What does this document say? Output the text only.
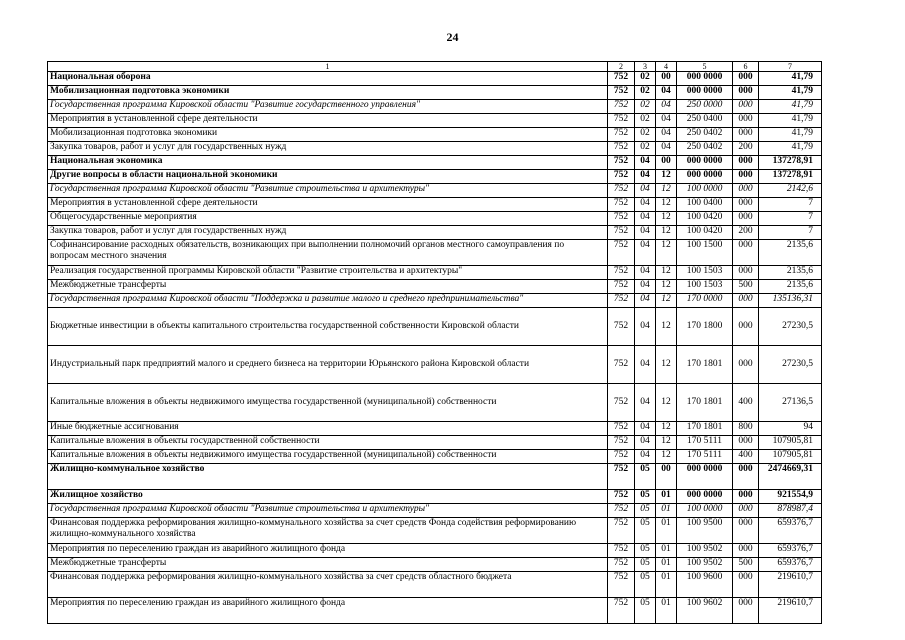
24
1	2	3	4	5	6	7
Национальная оборона	752	02	00	000 0000	000	41,79
Мобилизационная подготовка экономики	752	02	04	000 0000	000	41,79
Государственная программа Кировской области "Развитие государственного управления"	752	02	04	250 0000	000	41,79
Мероприятия в установленной сфере деятельности	752	02	04	250 0400	000	41,79
Мобилизационная подготовка экономики	752	02	04	250 0402	000	41,79
Закупка товаров, работ и услуг для государственных нужд	752	02	04	250 0402	200	41,79
Национальная экономика	752	04	00	000 0000	000	137278,91
Другие вопросы в области национальной экономики	752	04	12	000 0000	000	137278,91
Государственная программа Кировской области "Развитие строительства и архитектуры"	752	04	12	100 0000	000	2142,6
Мероприятия в установленной сфере деятельности	752	04	12	100 0400	000	7
Общегосударственные мероприятия	752	04	12	100 0420	000	7
Закупка товаров, работ и услуг для государственных нужд	752	04	12	100 0420	200	7
Софинансирование расходных обязательств, возникающих при выполнении полномочий органов местного самоуправления по вопросам местного значения	752	04	12	100 1500	000	2135,6
Реализация государственной программы Кировской области "Развитие строительства и архитектуры"	752	04	12	100 1503	000	2135,6
Межбюджетные трансферты	752	04	12	100 1503	500	2135,6
Государственная программа Кировской области "Поддержка и развитие малого и среднего предпринимательства"	752	04	12	170 0000	000	135136,31
Бюджетные инвестиции в объекты капитального строительства государственной собственности Кировской области	752	04	12	170 1800	000	27230,5
Индустриальный парк предприятий малого и среднего бизнеса на территории Юрьянского района Кировской области	752	04	12	170 1801	000	27230,5
Капитальные вложения в объекты недвижимого имущества государственной (муниципальной) собственности	752	04	12	170 1801	400	27136,5
Иные бюджетные ассигнования	752	04	12	170 1801	800	94
Капитальные вложения в объекты государственной собственности	752	04	12	170 5111	000	107905,81
Капитальные вложения в объекты недвижимого имущества государственной (муниципальной) собственности	752	04	12	170 5111	400	107905,81
Жилищно-коммунальное хозяйство	752	05	00	000 0000	000	2474669,31
Жилищное хозяйство	752	05	01	000 0000	000	921554,9
Государственная программа Кировской области "Развитие строительства и архитектуры"	752	05	01	100 0000	000	878987,4
Финансовая поддержка реформирования жилищно-коммунального хозяйства за счет средств Фонда содействия реформированию жилищно-коммунального хозяйства	752	05	01	100 9500	000	659376,7
Мероприятия по переселению граждан из аварийного жилищного фонда	752	05	01	100 9502	000	659376,7
Межбюджетные трансферты	752	05	01	100 9502	500	659376,7
Финансовая поддержка реформирования жилищно-коммунального хозяйства за счет средств областного бюджета	752	05	01	100 9600	000	219610,7
Мероприятия по переселению граждан из аварийного жилищного фонда	752	05	01	100 9602	000	219610,7
